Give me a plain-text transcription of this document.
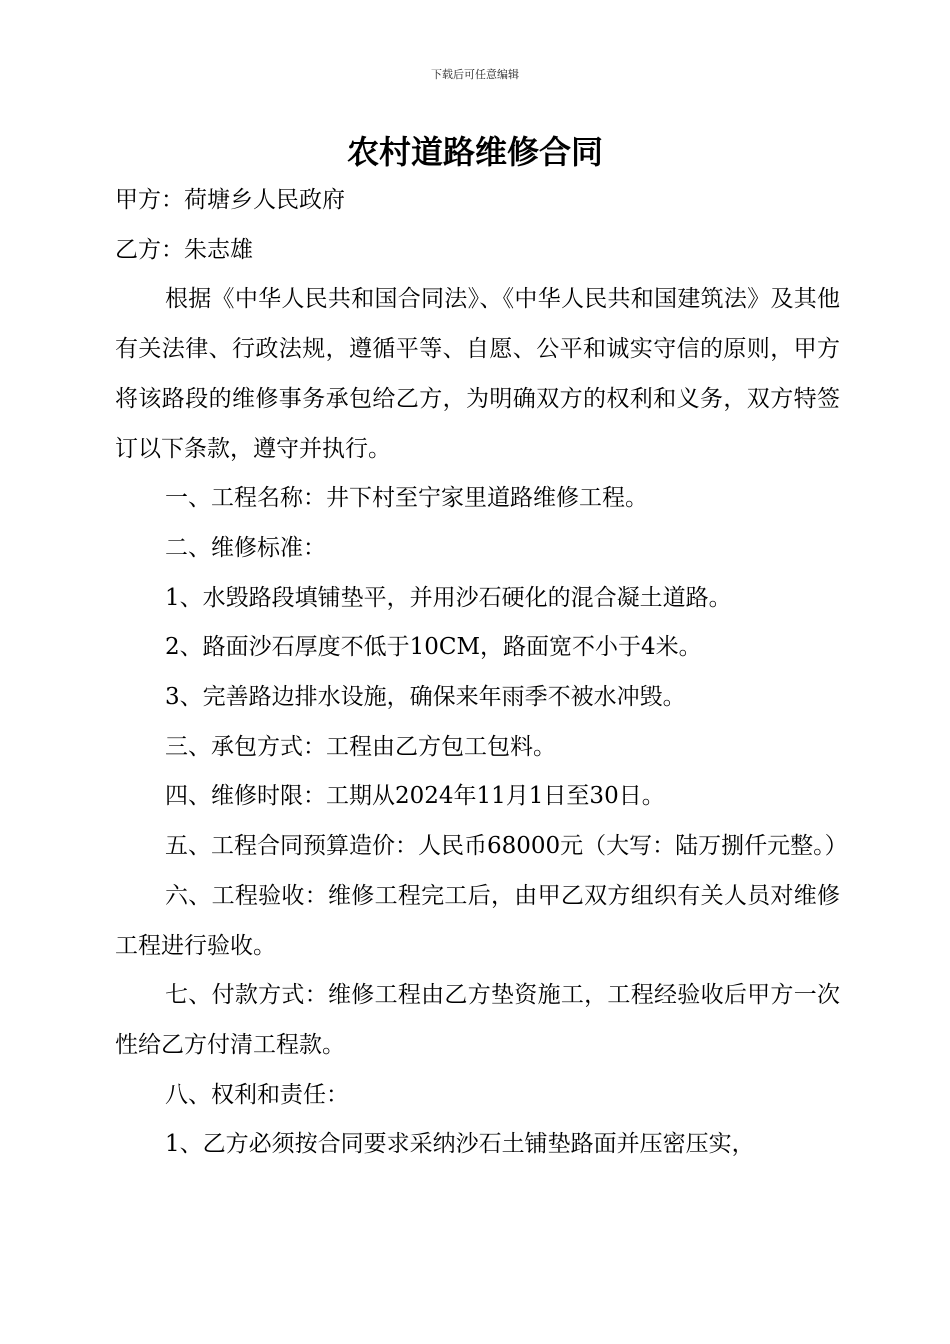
下载后可任意编辑
农村道路维修合同

甲方：荷塘乡人民政府

乙方：朱志雄

根据《中华人民共和国合同法》、《中华人民共和国建筑法》及其他有关法律、行政法规，遵循平等、自愿、公平和诚实守信的原则，甲方将该路段的维修事务承包给乙方，为明确双方的权利和义务，双方特签订以下条款，遵守并执行。

一、工程名称：井下村至宁家里道路维修工程。

二、维修标准：

1、水毁路段填铺垫平，并用沙石硬化的混合凝土道路。

2、路面沙石厚度不低于10CM，路面宽不小于4米。

3、完善路边排水设施，确保来年雨季不被水冲毁。

三、承包方式：工程由乙方包工包料。

四、维修时限：工期从2024年11月1日至30日。

五、工程合同预算造价：人民币68000元（大写：陆万捌仟元整。）

六、工程验收：维修工程完工后，由甲乙双方组织有关人员对维修工程进行验收。

七、付款方式：维修工程由乙方垫资施工，工程经验收后甲方一次性给乙方付清工程款。

八、权利和责任：

1、乙方必须按合同要求采纳沙石土铺垫路面并压密压实，
